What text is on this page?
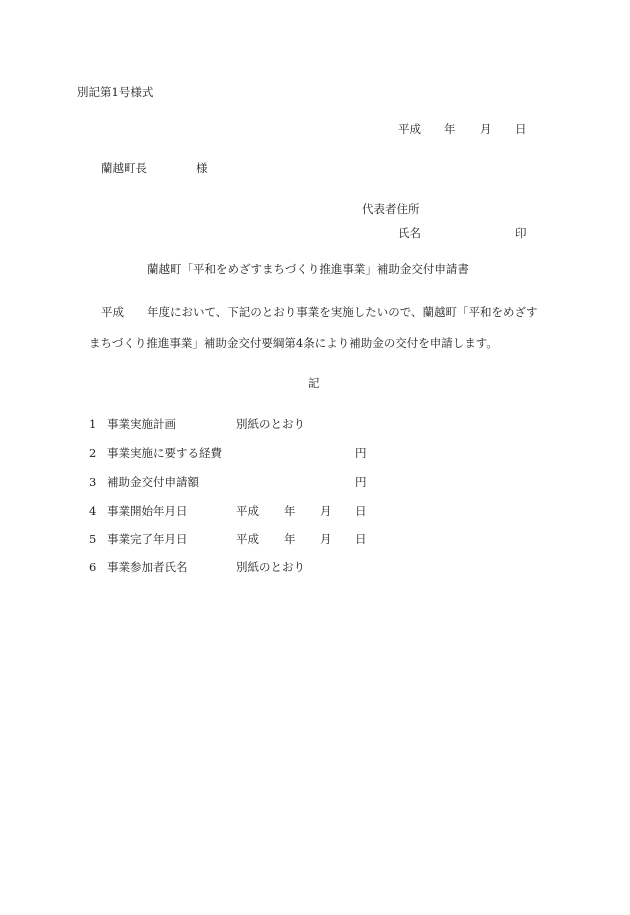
別記第1号様式
平成 年 月 日
蘭越町長	様
代表者住所
氏名	印
蘭越町「平和をめざすまちづくり推進事業」補助金交付申請書
平成　　年度において、下記のとおり事業を実施したいので、蘭越町「平和をめざす
まちづくり推進事業」補助金交付要綱第4条により補助金の交付を申請します。
記
1 事業実施計画	別紙のとおり
2 事業実施に要する経費	円
3 補助金交付申請額	円
4 事業開始年月日	平成 年 月 日
5 事業完了年月日	平成 年 月 日
6 事業参加者氏名	別紙のとおり
